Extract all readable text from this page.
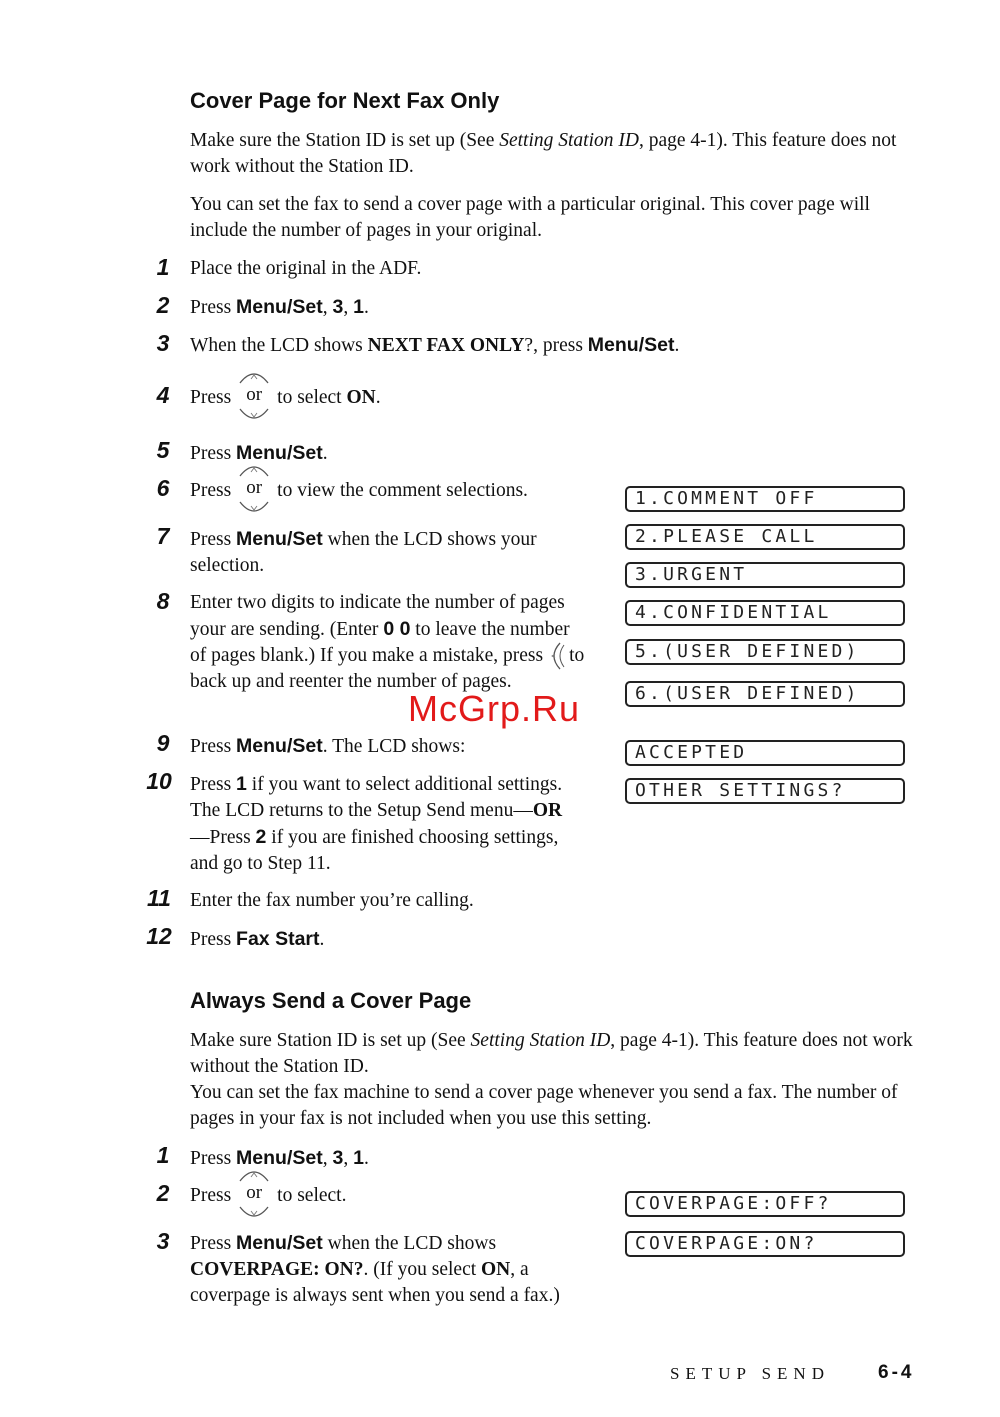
Cover Page for Next Fax Only

Make sure the Station ID is set up (See Setting Station ID, page 4-1). This feature does not work without the Station ID.

You can set the fax to send a cover page with a particular original. This cover page will include the number of pages in your original.

1	Place the original in the ADF.
2	Press Menu/Set, 3, 1.
3	When the LCD shows NEXT FAX ONLY?, press Menu/Set.
4	Press or to select ON.
5	Press Menu/Set.
6	Press or to view the comment selections.
7	Press Menu/Set when the LCD shows your selection.
8	Enter two digits to indicate the number of pages your are sending. (Enter 0 0 to leave the number of pages blank.) If you make a mistake, press to back up and reenter the number of pages.
9	Press Menu/Set. The LCD shows:
10 Press 1 if you want to select additional settings. The LCD returns to the Setup Send menu—OR—Press 2 if you are finished choosing settings, and go to Step 11.
11 Enter the fax number you’re calling.
12 Press Fax Start.
1.COMMENT OFF
2.PLEASE CALL
3.URGENT
4.CONFIDENTIAL
5.(USER DEFINED)
6.(USER DEFINED)
ACCEPTED
OTHER SETTINGS?
McGrp.Ru
Always Send a Cover Page

Make sure Station ID is set up (See Setting Station ID, page 4-1). This feature does not work without the Station ID.
You can set the fax machine to send a cover page whenever you send a fax. The number of pages in your fax is not included when you use this setting.

1	Press Menu/Set, 3, 1.
2	Press or to select.
3	Press Menu/Set when the LCD shows COVERPAGE: ON?. (If you select ON, a coverpage is always sent when you send a fax.)
COVERPAGE:OFF?
COVERPAGE:ON?
SETUP SEND	6-4
